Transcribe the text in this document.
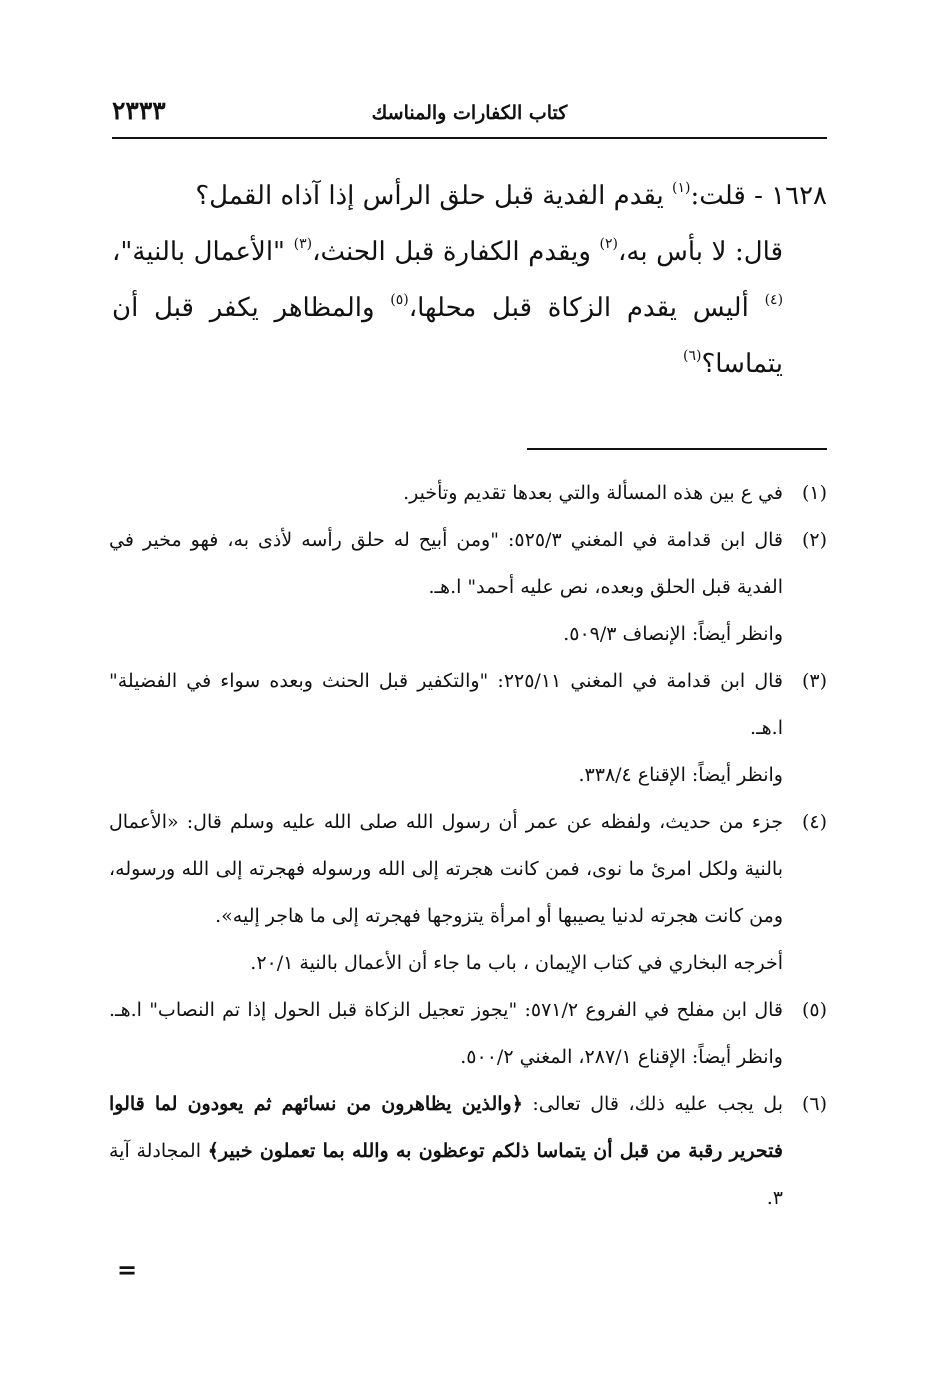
كتاب الكفارات والمناسك
٢٣٣٣

١٦٢٨ - قلت:$^{(١)}$ يقدم الفدية قبل حلق الرأس إذا آذاه القمل؟

قال: لا بأس به،$^{(٢)}$ ويقدم الكفارة قبل الحنث،$^{(٣)}$ "الأعمال بالنية"،$^{(٤)}$ أليس يقدم الزكاة قبل محلها،$^{(٥)}$ والمظاهر يكفر قبل أن يتماسا؟$^{(٦)}$

(١)
في ع بين هذه المسألة والتي بعدها تقديم وتأخير.
(٢)
قال ابن قدامة في المغني ٥٢٥/٣: "ومن أبيح له حلق رأسه لأذى به، فهو مخير في الفدية قبل الحلق وبعده، نص عليه أحمد" ا.هـ.
وانظر أيضاً: الإنصاف ٥٠٩/٣.
(٣)
قال ابن قدامة في المغني ٢٢٥/١١: "والتكفير قبل الحنث وبعده سواء في الفضيلة" ا.هـ.
وانظر أيضاً: الإقناع ٣٣٨/٤.
(٤)
جزء من حديث، ولفظه عن عمر أن رسول الله صلى الله عليه وسلم قال: «الأعمال بالنية ولكل امرئ ما نوى، فمن كانت هجرته إلى الله ورسوله فهجرته إلى الله ورسوله، ومن كانت هجرته لدنيا يصيبها أو امرأة يتزوجها فهجرته إلى ما هاجر إليه».
أخرجه البخاري في كتاب الإيمان ، باب ما جاء أن الأعمال بالنية ٢٠/١.
(٥)
قال ابن مفلح في الفروع ٥٧١/٢: "يجوز تعجيل الزكاة قبل الحول إذا تم النصاب" ا.هـ. وانظر أيضاً: الإقناع ٢٨٧/١، المغني ٥٠٠/٢.
(٦)
بل يجب عليه ذلك، قال تعالى: ﴿والذين يظاهرون من نسائهم ثم يعودون لما قالوا فتحرير رقبة من قبل أن يتماسا ذلكم توعظون به والله بما تعملون خبير﴾ المجادلة آية ٣.
=
